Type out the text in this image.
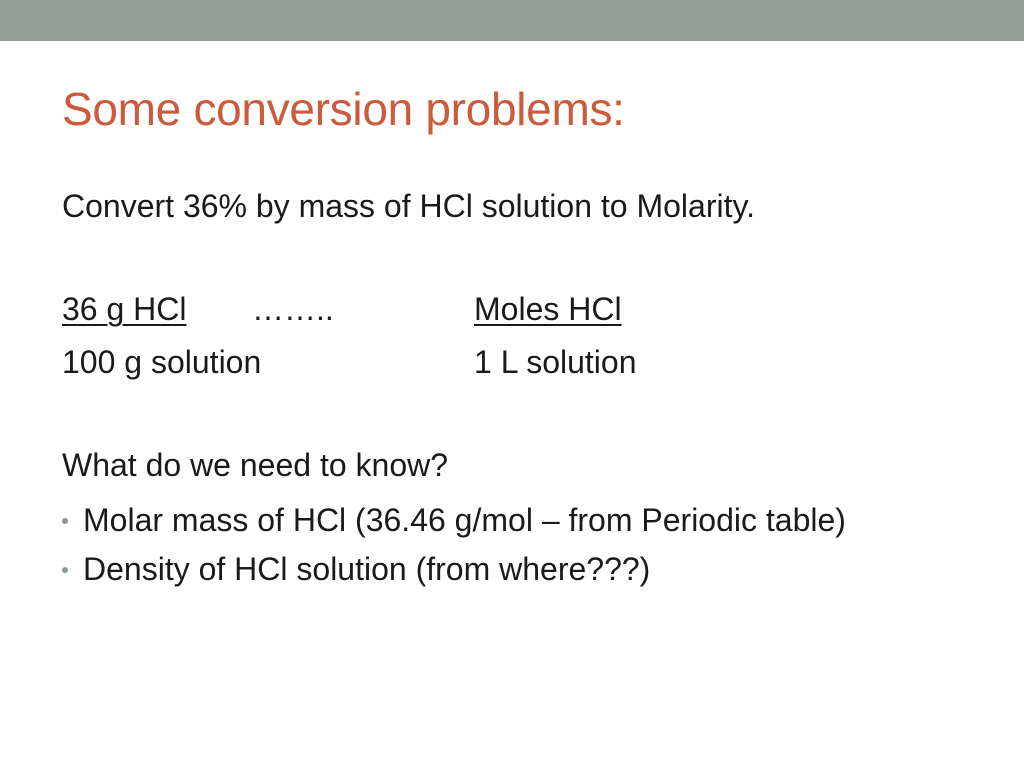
Some conversion problems:

Convert 36% by mass of HCl solution to Molarity.

36 g HCl ……..	Moles HCl
100 g solution	1 L solution

What do we need to know?

Molar mass of HCl (36.46 g/mol – from Periodic table)
Density of HCl solution (from where???)
